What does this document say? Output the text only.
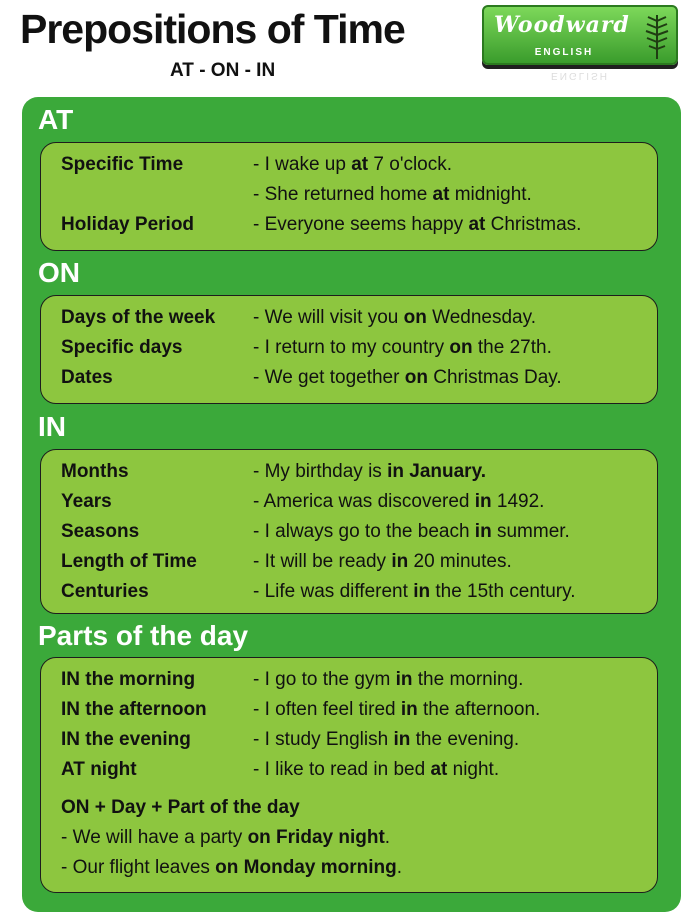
Prepositions of Time
AT - ON - IN
Woodward
ENGLISH
ENGLISH
AT
Specific Time	- I wake up at 7 o'clock.
- She returned home at midnight.
Holiday Period	- Everyone seems happy at Christmas.
ON
Days of the week - We will visit you on Wednesday.
Specific days	- I return to my country on the 27th.
Dates	- We get together on Christmas Day.
IN
Months	- My birthday is in January.
Years	- America was discovered in 1492.
Seasons	- I always go to the beach in summer.
Length of Time	- It will be ready in 20 minutes.
Centuries	- Life was different in the 15th century.
Parts of the day
IN the morning	- I go to the gym in the morning.
IN the afternoon - I often feel tired in the afternoon.
IN the evening	- I study English in the evening.
AT night	- I like to read in bed at night.
ON + Day + Part of the day
- We will have a party on Friday night.
- Our flight leaves on Monday morning.
